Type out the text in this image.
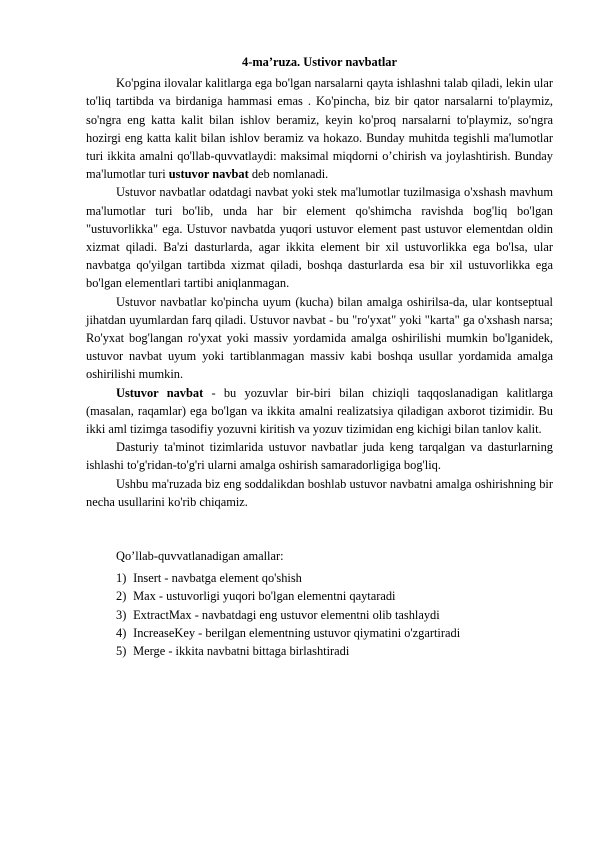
4-ma’ruza. Ustivor navbatlar

Ko'pgina ilovalar kalitlarga ega bo'lgan narsalarni qayta ishlashni talab qiladi, lekin ular to'liq tartibda va birdaniga hammasi emas . Ko'pincha, biz bir qator narsalarni to'playmiz, so'ngra eng katta kalit bilan ishlov beramiz, keyin ko'proq narsalarni to'playmiz, so'ngra hozirgi eng katta kalit bilan ishlov beramiz va hokazo. Bunday muhitda tegishli ma'lumotlar turi ikkita amalni qo'llab-quvvatlaydi: maksimal miqdorni o’chirish va joylashtirish. Bunday ma'lumotlar turi ustuvor navbat deb nomlanadi.

Ustuvor navbatlar odatdagi navbat yoki stek ma'lumotlar tuzilmasiga o'xshash mavhum ma'lumotlar turi bo'lib, unda har bir element qo'shimcha ravishda bog'liq bo'lgan "ustuvorlikka" ega. Ustuvor navbatda yuqori ustuvor element past ustuvor elementdan oldin xizmat qiladi. Ba'zi dasturlarda, agar ikkita element bir xil ustuvorlikka ega bo'lsa, ular navbatga qo'yilgan tartibda xizmat qiladi, boshqa dasturlarda esa bir xil ustuvorlikka ega bo'lgan elementlari tartibi aniqlanmagan.

Ustuvor navbatlar ko'pincha uyum (kucha) bilan amalga oshirilsa-da, ular kontseptual jihatdan uyumlardan farq qiladi. Ustuvor navbat - bu "ro'yxat" yoki "karta" ga o'xshash narsa; Ro'yxat bog'langan ro'yxat yoki massiv yordamida amalga oshirilishi mumkin bo'lganidek, ustuvor navbat uyum yoki tartiblanmagan massiv kabi boshqa usullar yordamida amalga oshirilishi mumkin.

Ustuvor navbat - bu yozuvlar bir-biri bilan chiziqli taqqoslanadigan kalitlarga (masalan, raqamlar) ega bo'lgan va ikkita amalni realizatsiya qiladigan axborot tizimidir. Bu ikki aml tizimga tasodifiy yozuvni kiritish va yozuv tizimidan eng kichigi bilan tanlov kalit.

Dasturiy ta'minot tizimlarida ustuvor navbatlar juda keng tarqalgan va dasturlarning ishlashi to'g'ridan-to'g'ri ularni amalga oshirish samaradorligiga bog'liq.

Ushbu ma'ruzada biz eng soddalikdan boshlab ustuvor navbatni amalga oshirishning bir necha usullarini ko'rib chiqamiz.

Qo’llab-quvvatlanadigan amallar:

1) Insert - navbatga element qo'shish
2) Max - ustuvorligi yuqori bo'lgan elementni qaytaradi
3) ExtractMax - navbatdagi eng ustuvor elementni olib tashlaydi
4) IncreaseKey - berilgan elementning ustuvor qiymatini o'zgartiradi
5) Merge - ikkita navbatni bittaga birlashtiradi
